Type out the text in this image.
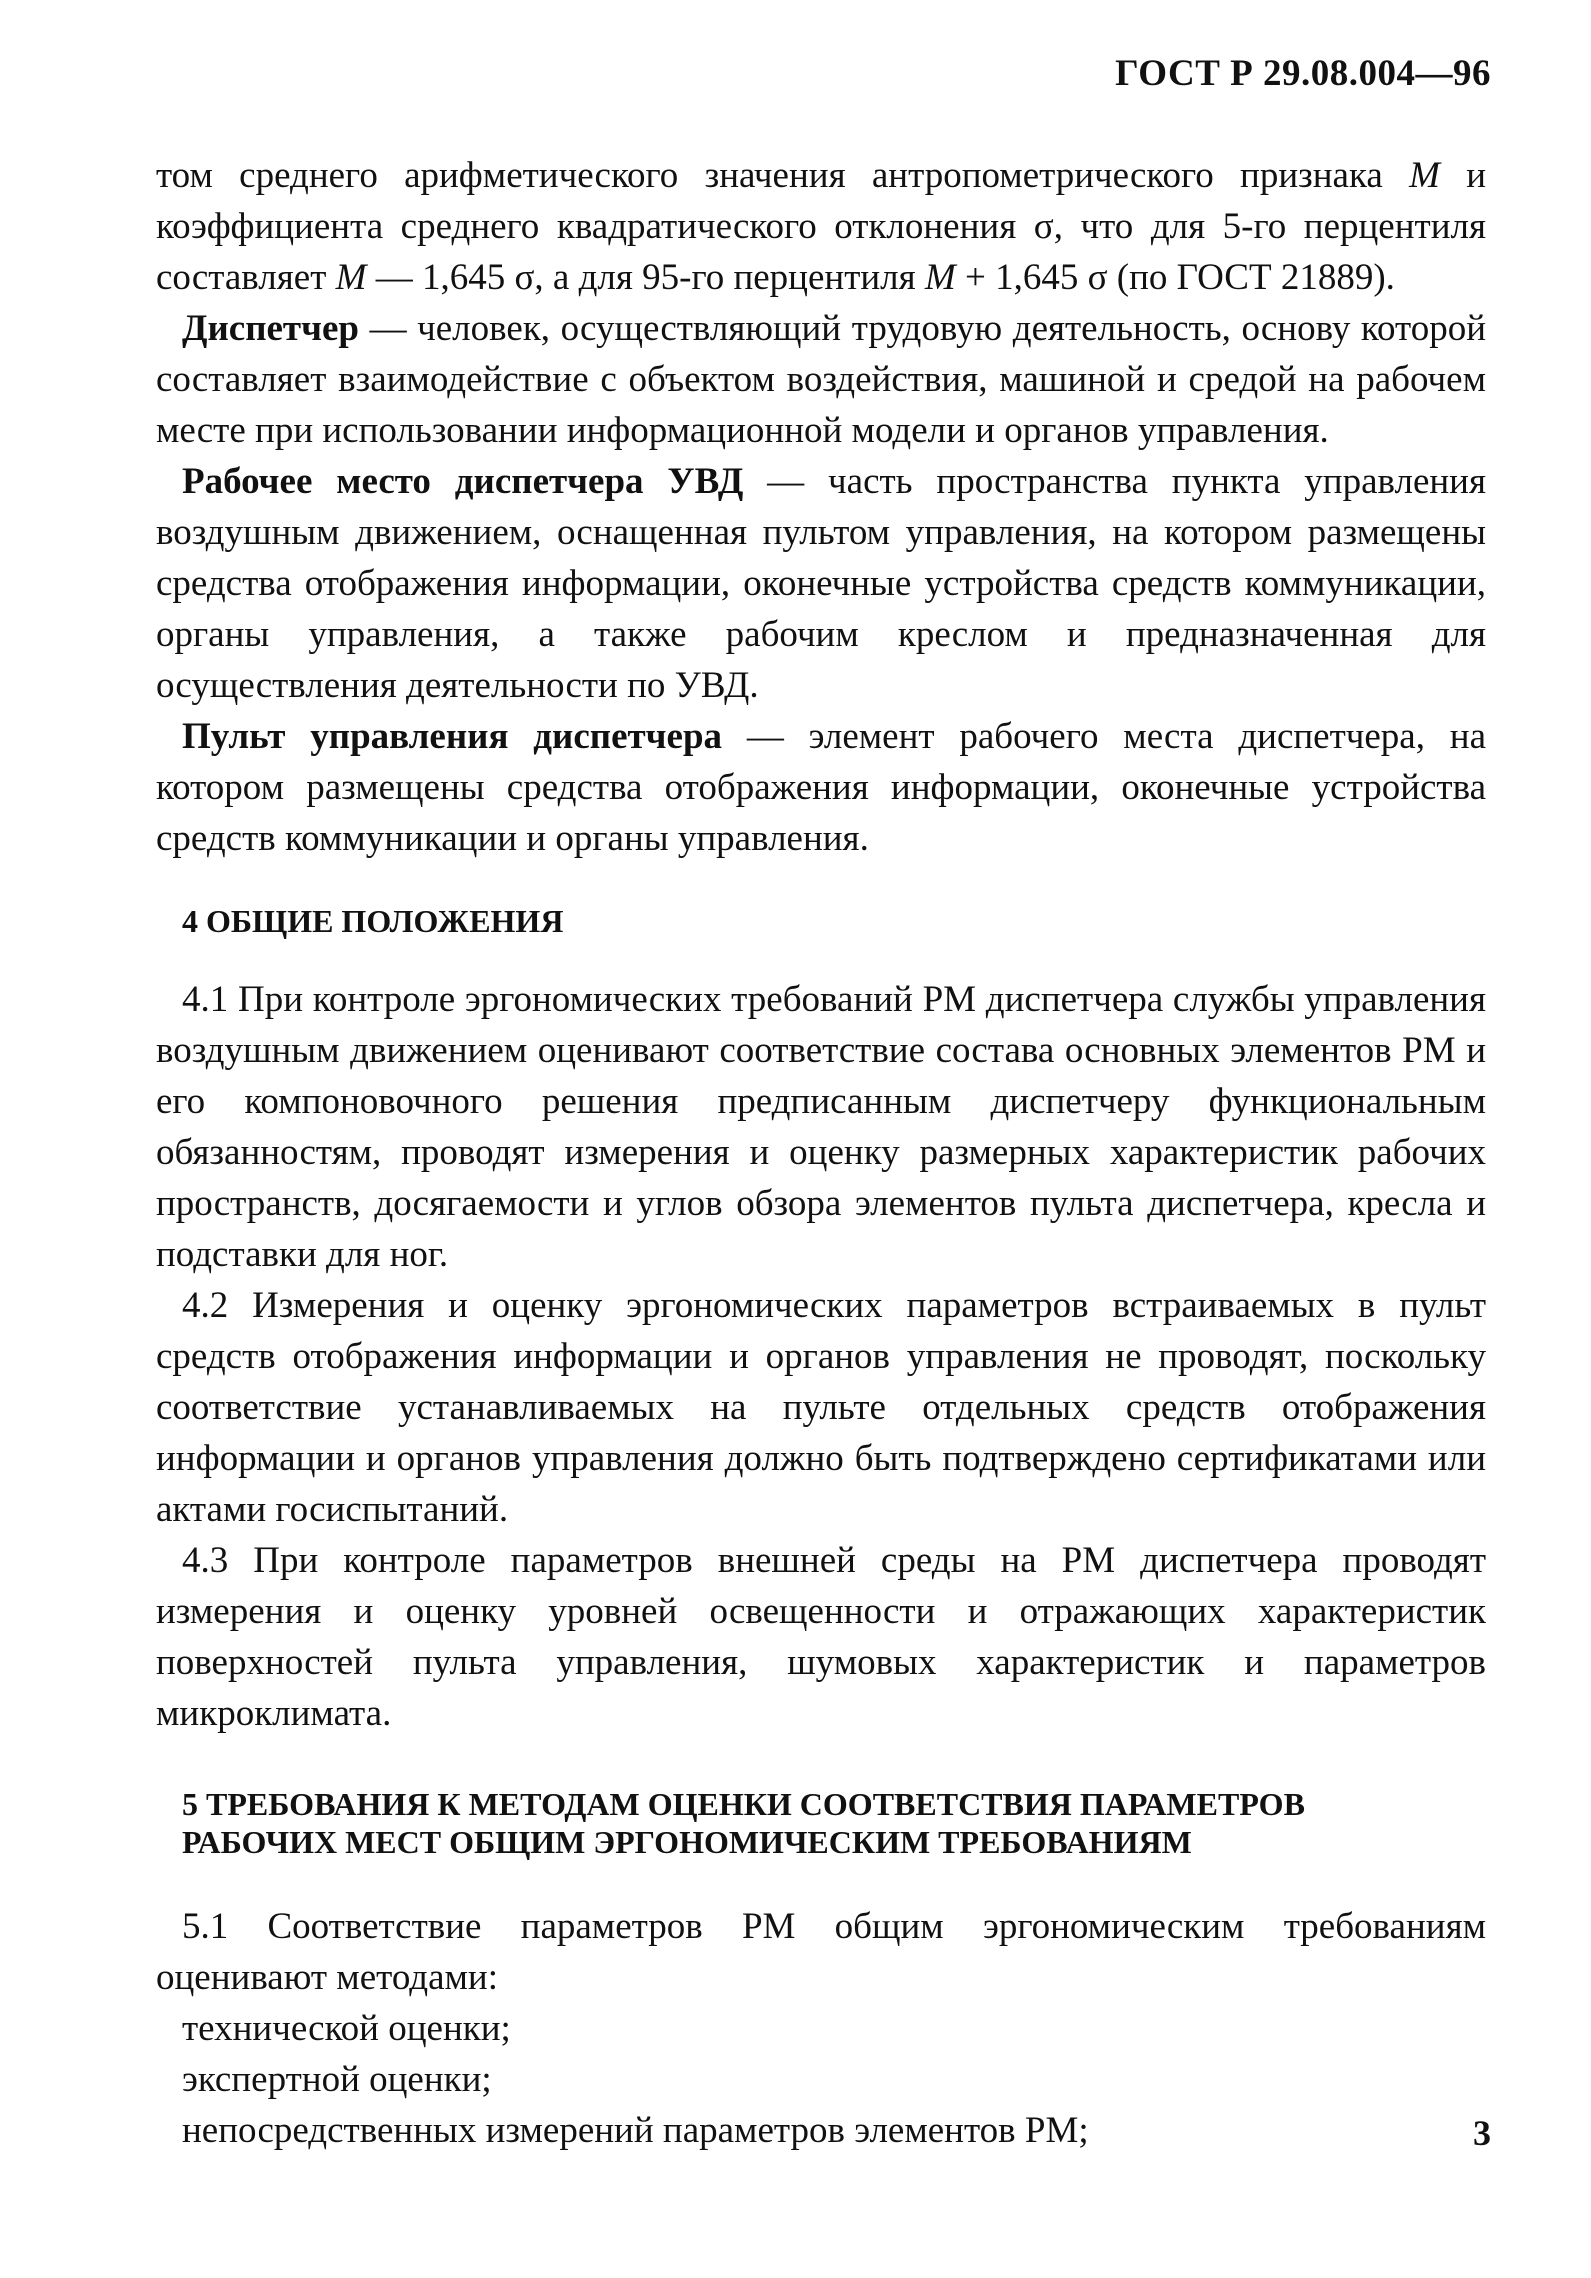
ГОСТ Р 29.08.004—96

том среднего арифметического значения антропометрического признака M и коэффициента среднего квадратического отклонения σ, что для 5-го перцентиля составляет M — 1,645 σ, а для 95-го перцентиля M + 1,645 σ (по ГОСТ 21889).

Диспетчер — человек, осуществляющий трудовую деятельность, основу которой составляет взаимодействие с объектом воздействия, машиной и средой на рабочем месте при использовании информационной модели и органов управления.

Рабочее место диспетчера УВД — часть пространства пункта управления воздушным движением, оснащенная пультом управления, на котором размещены средства отображения информации, оконечные устройства средств коммуникации, органы управления, а также рабочим креслом и предназначенная для осуществления деятельности по УВД.

Пульт управления диспетчера — элемент рабочего места диспетчера, на котором размещены средства отображения информации, оконечные устройства средств коммуникации и органы управления.

4 ОБЩИЕ ПОЛОЖЕНИЯ

4.1 При контроле эргономических требований РМ диспетчера службы управления воздушным движением оценивают соответствие состава основных элементов РМ и его компоновочного решения предписанным диспетчеру функциональным обязанностям, проводят измерения и оценку размерных характеристик рабочих пространств, досягаемости и углов обзора элементов пульта диспетчера, кресла и подставки для ног.

4.2 Измерения и оценку эргономических параметров встраиваемых в пульт средств отображения информации и органов управления не проводят, поскольку соответствие устанавливаемых на пульте отдельных средств отображения информации и органов управления должно быть подтверждено сертификатами или актами госиспытаний.

4.3 При контроле параметров внешней среды на РМ диспетчера проводят измерения и оценку уровней освещенности и отражающих характеристик поверхностей пульта управления, шумовых характеристик и параметров микроклимата.

5 ТРЕБОВАНИЯ К МЕТОДАМ ОЦЕНКИ СООТВЕТСТВИЯ ПАРАМЕТРОВ
РАБОЧИХ МЕСТ ОБЩИМ ЭРГОНОМИЧЕСКИМ ТРЕБОВАНИЯМ

5.1 Соответствие параметров РМ общим эргономическим требованиям оценивают методами:

технической оценки;
экспертной оценки;
непосредственных измерений параметров элементов РМ;	3
